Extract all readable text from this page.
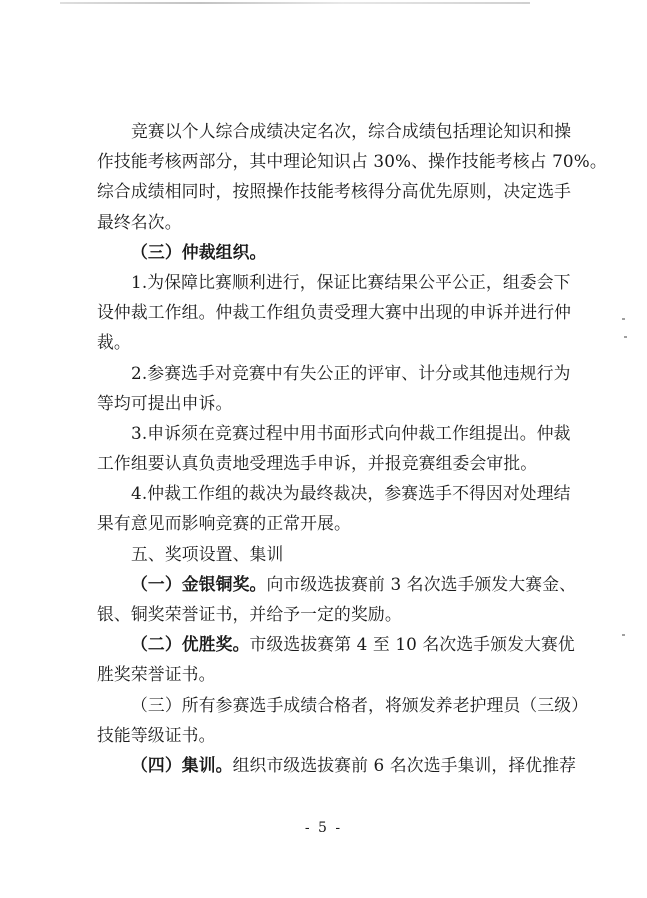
竞赛以个人综合成绩决定名次，综合成绩包括理论知识和操
作技能考核两部分，其中理论知识占 30%、操作技能考核占 70%。
综合成绩相同时，按照操作技能考核得分高优先原则，决定选手
最终名次。
（三）仲裁组织。
1.为保障比赛顺利进行，保证比赛结果公平公正，组委会下
设仲裁工作组。仲裁工作组负责受理大赛中出现的申诉并进行仲
裁。
2.参赛选手对竞赛中有失公正的评审、计分或其他违规行为
等均可提出申诉。
3.申诉须在竞赛过程中用书面形式向仲裁工作组提出。仲裁
工作组要认真负责地受理选手申诉，并报竞赛组委会审批。
4.仲裁工作组的裁决为最终裁决，参赛选手不得因对处理结
果有意见而影响竞赛的正常开展。
五、奖项设置、集训
（一）金银铜奖。向市级选拔赛前 3 名次选手颁发大赛金、
银、铜奖荣誉证书，并给予一定的奖励。
（二）优胜奖。市级选拔赛第 4 至 10 名次选手颁发大赛优
胜奖荣誉证书。
（三）所有参赛选手成绩合格者，将颁发养老护理员（三级）
技能等级证书。
（四）集训。组织市级选拔赛前 6 名次选手集训，择优推荐
- 5 -
